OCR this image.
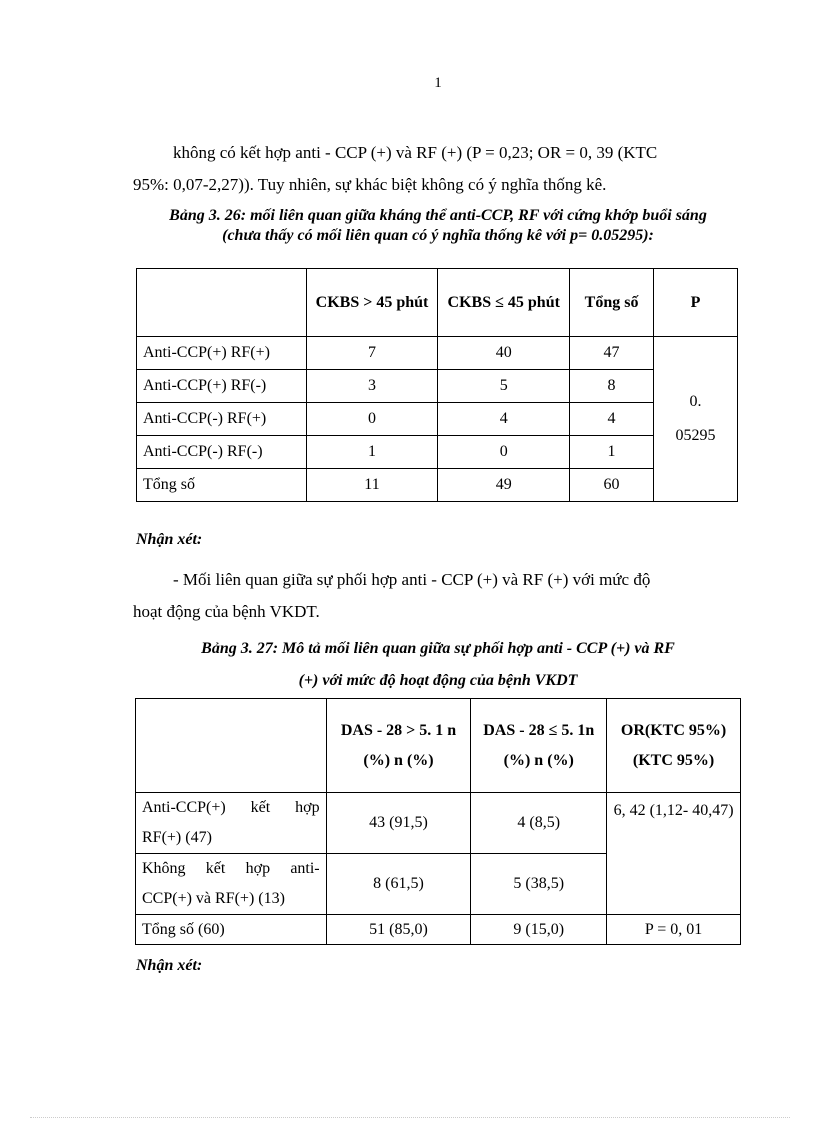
1
không có kết hợp anti - CCP (+) và RF (+) (P = 0,23; OR = 0, 39 (KTC
95%: 0,07-2,27)). Tuy nhiên, sự khác biệt không có ý nghĩa thống kê.
Bảng 3. 26: mối liên quan giữa kháng thể anti-CCP, RF với cứng khớp buổi sáng (chưa thấy có mối liên quan có ý nghĩa thống kê với p= 0.05295):
	CKBS > 45 phút	CKBS ≤ 45 phút	Tổng số	P
Anti-CCP(+) RF(+)	7	40	47	0. 05295
Anti-CCP(+) RF(-)	3	5	8	
Anti-CCP(-) RF(+)	0	4	4	
Anti-CCP(-) RF(-)	1	0	1	
Tổng số	11	49	60	
Nhận xét:
- Mối liên quan giữa sự phối hợp anti - CCP (+) và RF (+) với mức độ
hoạt động của bệnh VKDT.
Bảng 3. 27: Mô tả mối liên quan giữa sự phối hợp anti - CCP (+) và RF
(+) với mức độ hoạt động của bệnh VKDT
	DAS - 28 > 5. 1 n (%) n (%)	DAS - 28 ≤ 5. 1n (%) n (%)	OR(KTC 95%) (KTC 95%)
Anti-CCP(+) kết hợp RF(+) (47)	43 (91,5)	4 (8,5)	6, 42 (1,12- 40,47)
Không kết hợp anti-CCP(+) và RF(+) (13)	8 (61,5)	5 (38,5)	
Tổng số (60)	51 (85,0)	9 (15,0)	P = 0, 01
Nhận xét:
